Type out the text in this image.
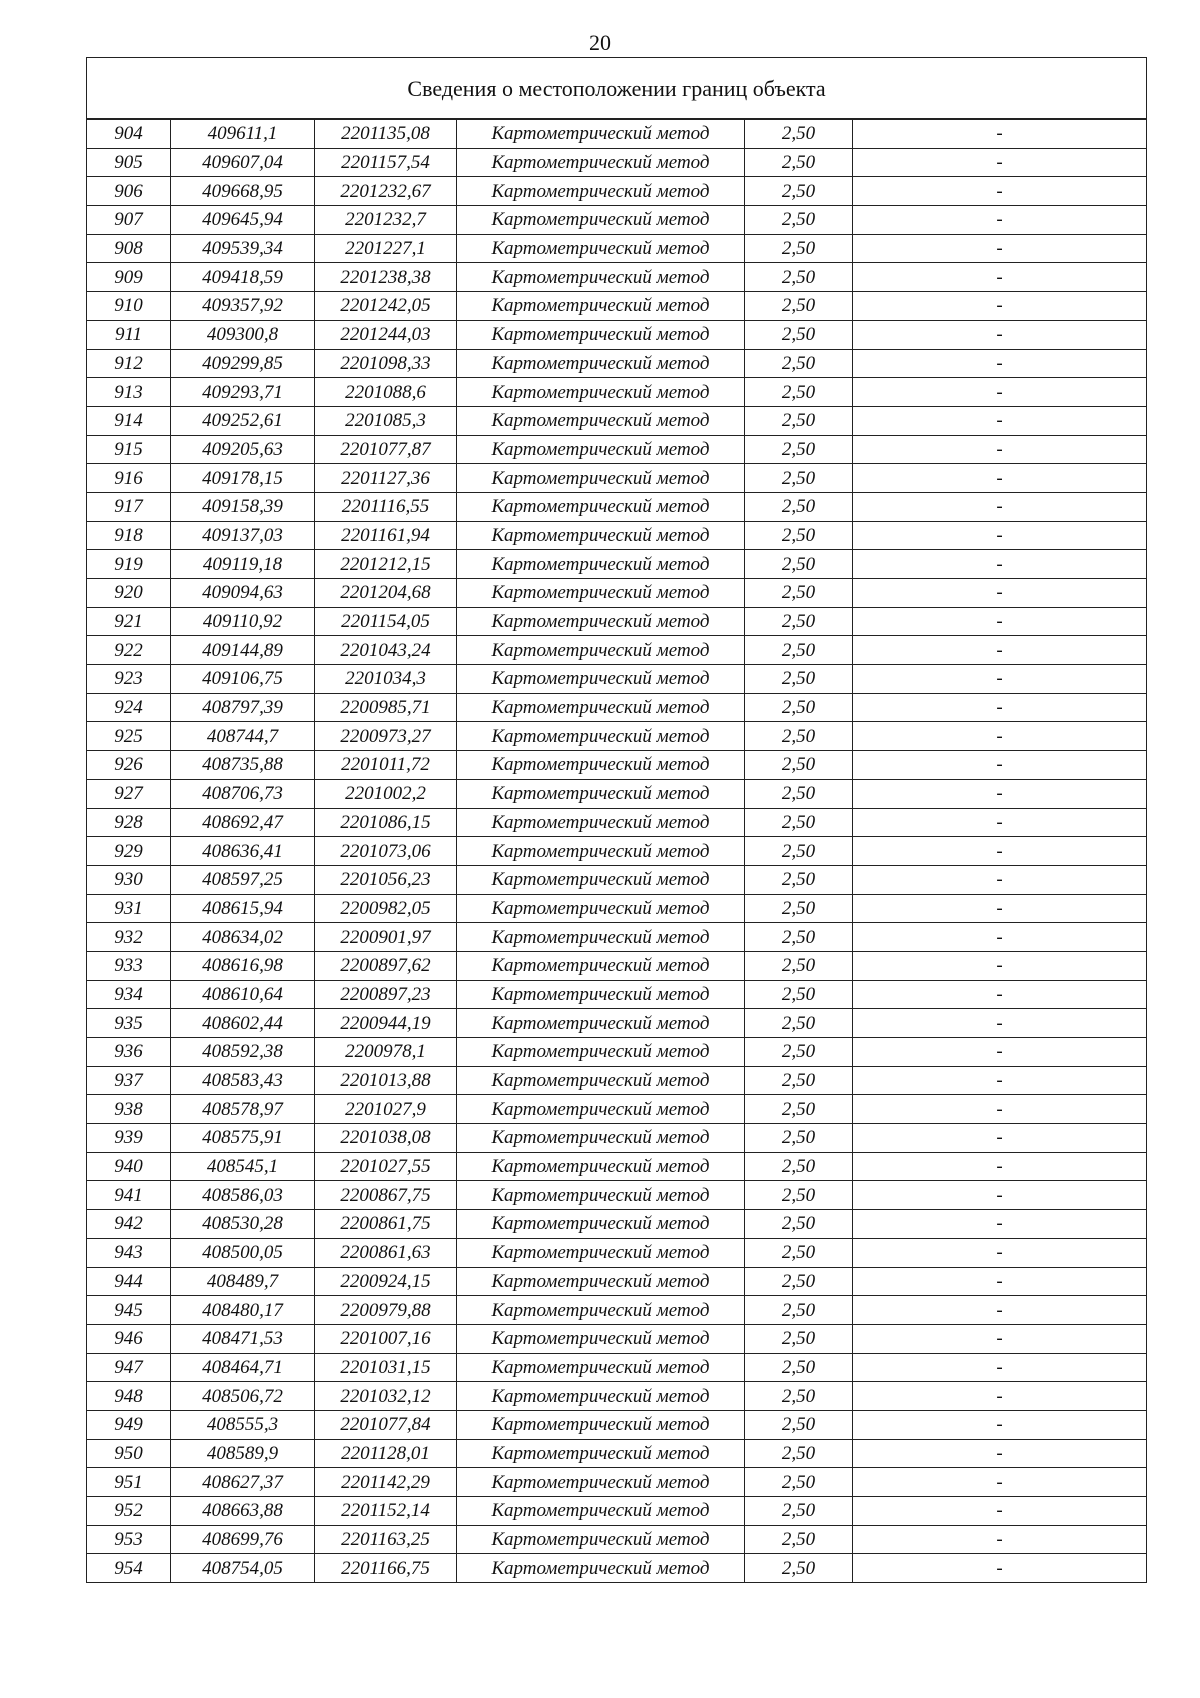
20
Сведения о местоположении границ объекта					
904	409611,1	2201135,08	Картометрический метод	2,50	-
905	409607,04	2201157,54	Картометрический метод	2,50	-
906	409668,95	2201232,67	Картометрический метод	2,50	-
907	409645,94	2201232,7	Картометрический метод	2,50	-
908	409539,34	2201227,1	Картометрический метод	2,50	-
909	409418,59	2201238,38	Картометрический метод	2,50	-
910	409357,92	2201242,05	Картометрический метод	2,50	-
911	409300,8	2201244,03	Картометрический метод	2,50	-
912	409299,85	2201098,33	Картометрический метод	2,50	-
913	409293,71	2201088,6	Картометрический метод	2,50	-
914	409252,61	2201085,3	Картометрический метод	2,50	-
915	409205,63	2201077,87	Картометрический метод	2,50	-
916	409178,15	2201127,36	Картометрический метод	2,50	-
917	409158,39	2201116,55	Картометрический метод	2,50	-
918	409137,03	2201161,94	Картометрический метод	2,50	-
919	409119,18	2201212,15	Картометрический метод	2,50	-
920	409094,63	2201204,68	Картометрический метод	2,50	-
921	409110,92	2201154,05	Картометрический метод	2,50	-
922	409144,89	2201043,24	Картометрический метод	2,50	-
923	409106,75	2201034,3	Картометрический метод	2,50	-
924	408797,39	2200985,71	Картометрический метод	2,50	-
925	408744,7	2200973,27	Картометрический метод	2,50	-
926	408735,88	2201011,72	Картометрический метод	2,50	-
927	408706,73	2201002,2	Картометрический метод	2,50	-
928	408692,47	2201086,15	Картометрический метод	2,50	-
929	408636,41	2201073,06	Картометрический метод	2,50	-
930	408597,25	2201056,23	Картометрический метод	2,50	-
931	408615,94	2200982,05	Картометрический метод	2,50	-
932	408634,02	2200901,97	Картометрический метод	2,50	-
933	408616,98	2200897,62	Картометрический метод	2,50	-
934	408610,64	2200897,23	Картометрический метод	2,50	-
935	408602,44	2200944,19	Картометрический метод	2,50	-
936	408592,38	2200978,1	Картометрический метод	2,50	-
937	408583,43	2201013,88	Картометрический метод	2,50	-
938	408578,97	2201027,9	Картометрический метод	2,50	-
939	408575,91	2201038,08	Картометрический метод	2,50	-
940	408545,1	2201027,55	Картометрический метод	2,50	-
941	408586,03	2200867,75	Картометрический метод	2,50	-
942	408530,28	2200861,75	Картометрический метод	2,50	-
943	408500,05	2200861,63	Картометрический метод	2,50	-
944	408489,7	2200924,15	Картометрический метод	2,50	-
945	408480,17	2200979,88	Картометрический метод	2,50	-
946	408471,53	2201007,16	Картометрический метод	2,50	-
947	408464,71	2201031,15	Картометрический метод	2,50	-
948	408506,72	2201032,12	Картометрический метод	2,50	-
949	408555,3	2201077,84	Картометрический метод	2,50	-
950	408589,9	2201128,01	Картометрический метод	2,50	-
951	408627,37	2201142,29	Картометрический метод	2,50	-
952	408663,88	2201152,14	Картометрический метод	2,50	-
953	408699,76	2201163,25	Картометрический метод	2,50	-
954	408754,05	2201166,75	Картометрический метод	2,50	-
